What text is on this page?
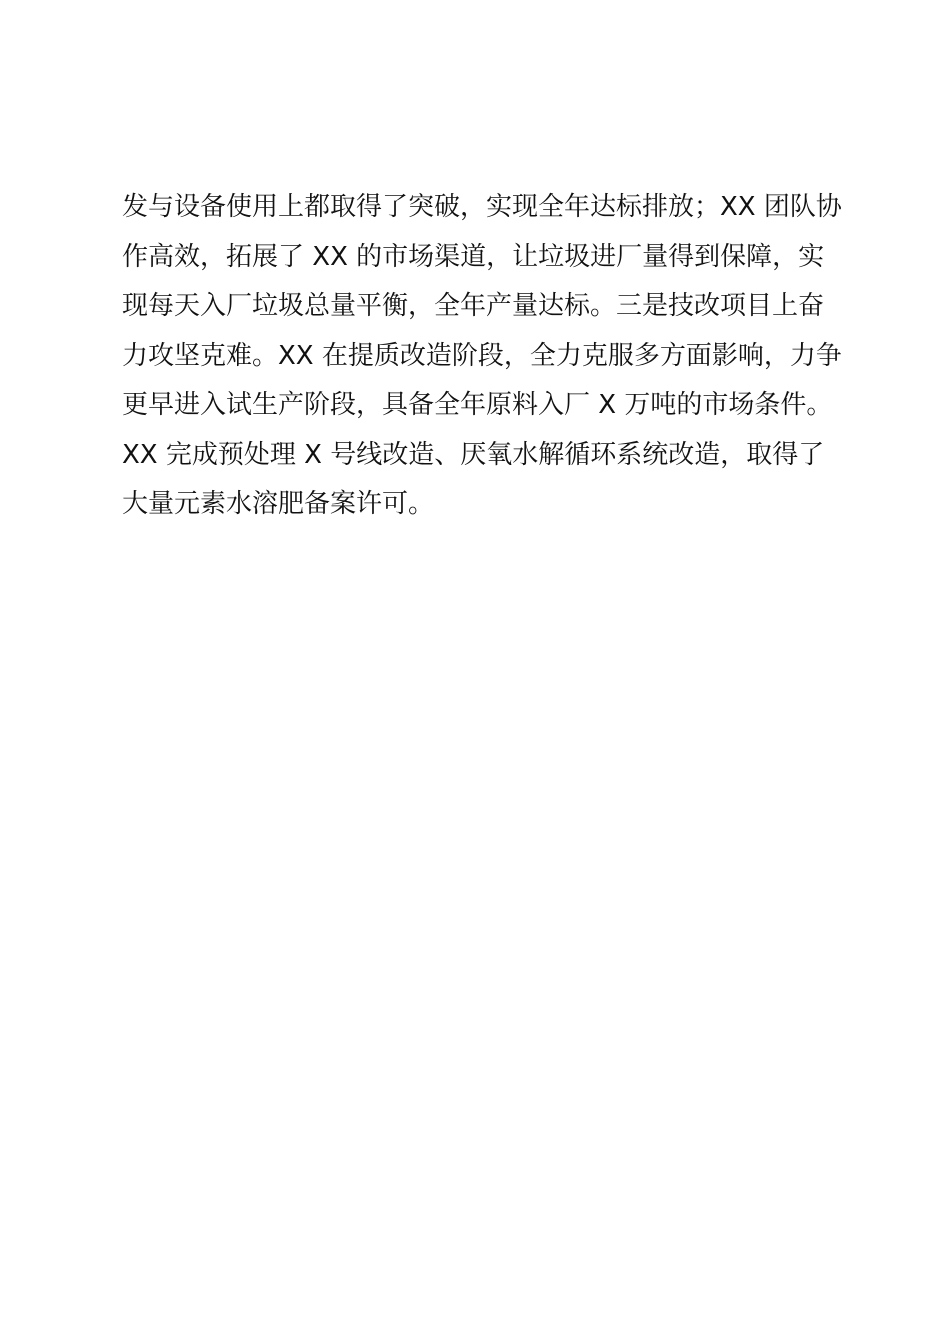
发与设备使用上都取得了突破，实现全年达标排放；XX 团队协
作高效，拓展了 XX 的市场渠道，让垃圾进厂量得到保障，实
现每天入厂垃圾总量平衡，全年产量达标。三是技改项目上奋
力攻坚克难。XX 在提质改造阶段，全力克服多方面影响，力争
更早进入试生产阶段，具备全年原料入厂 X 万吨的市场条件。
XX 完成预处理 X 号线改造、厌氧水解循环系统改造，取得了
大量元素水溶肥备案许可。
